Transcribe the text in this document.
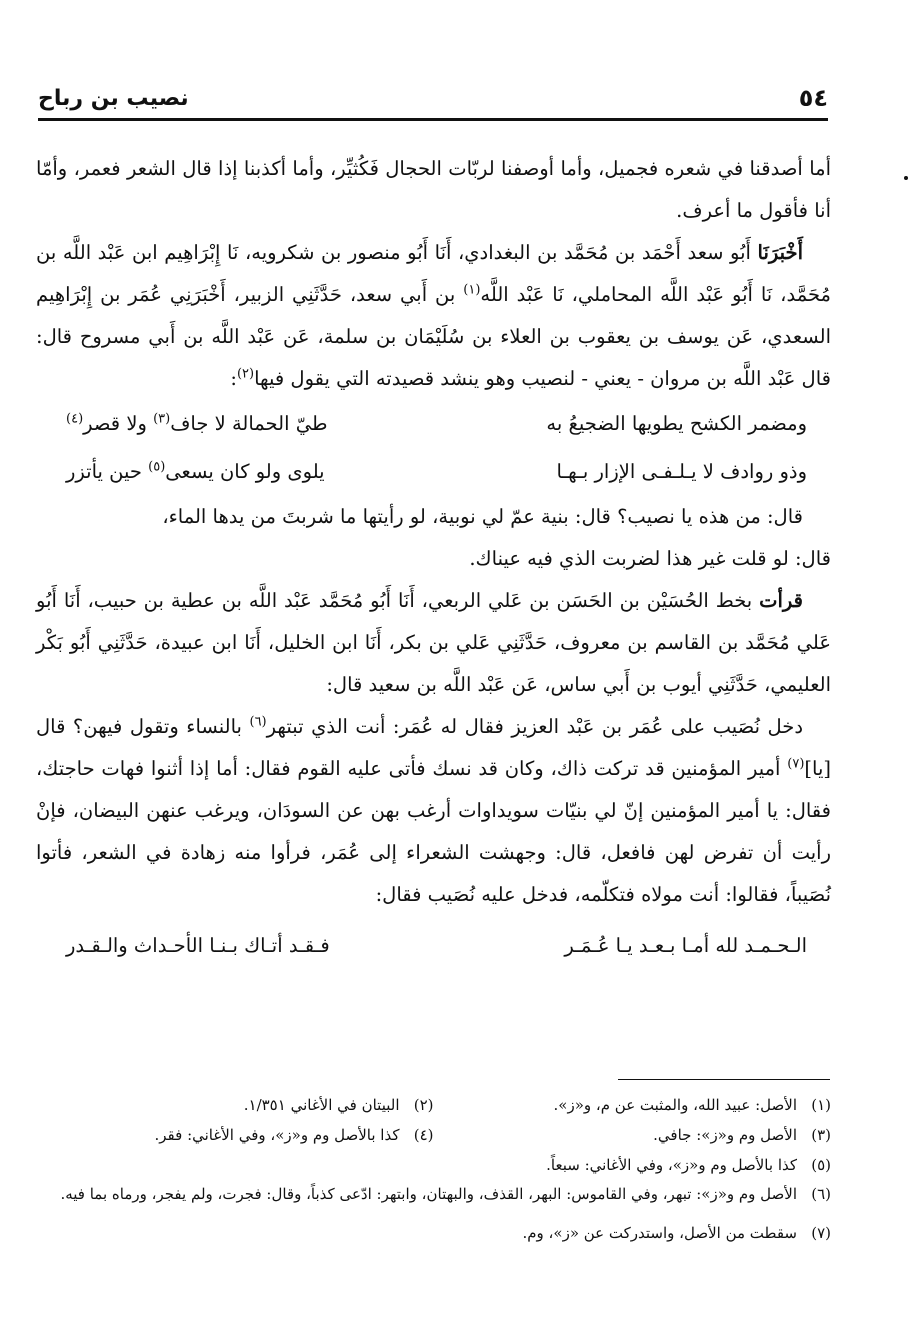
٥٤
نصيب بن رباح

أما أصدقنا في شعره فجميل، وأما أوصفنا لربّات الحجال فَكُثيِّر، وأما أكذبنا إذا قال الشعر فعمر، وأمّا أنا فأقول ما أعرف.

أَخْبَرَنَا أَبُو سعد أَحْمَد بن مُحَمَّد بن البغدادي، أَنَا أَبُو منصور بن شكرويه، نَا إِبْرَاهِيم ابن عَبْد اللَّه بن مُحَمَّد، نَا أَبُو عَبْد اللَّه المحاملي، نَا عَبْد اللَّه$^{(١)}$ بن أَبي سعد، حَدَّثَنِي الزبير، أَخْبَرَنِي عُمَر بن إِبْرَاهِيم السعدي، عَن يوسف بن يعقوب بن العلاء بن سُلَيْمَان بن سلمة، عَن عَبْد اللَّه بن أَبي مسروح قال: قال عَبْد اللَّه بن مروان - يعني - لنصيب وهو ينشد قصيدته التي يقول فيها$^{(٢)}$:

ومضمر الكشح يطويها الضجيعُ به
طيّ الحمالة لا جاف$^{(٣)}$ ولا قصر$^{(٤)}$
وذو روادف لا يـلـفـى الإزار بـهـا
يلوى ولو كان يسعى$^{(٥)}$ حين يأتزر

قال: من هذه يا نصيب؟ قال: بنية عمّ لي نوبية، لو رأيتها ما شربتَ من يدها الماء،

قال: لو قلت غير هذا لضربت الذي فيه عيناك.

قرأت بخط الحُسَيْن بن الحَسَن بن عَلي الربعي، أَنَا أَبُو مُحَمَّد عَبْد اللَّه بن عطية بن حبيب، أَنَا أَبُو عَلي مُحَمَّد بن القاسم بن معروف، حَدَّثَنِي عَلي بن بكر، أَنَا ابن الخليل، أَنَا ابن عبيدة، حَدَّثَنِي أَبُو بَكْر العليمي، حَدَّثَنِي أيوب بن أَبي ساس، عَن عَبْد اللَّه بن سعيد قال:

دخل نُصَيب على عُمَر بن عَبْد العزيز فقال له عُمَر: أنت الذي تبتهر$^{(٦)}$ بالنساء وتقول فيهن؟ قال [يا]$^{(٧)}$ أمير المؤمنين قد تركت ذاك، وكان قد نسك فأتى عليه القوم فقال: أما إذا أثنوا فهات حاجتك، فقال: يا أمير المؤمنين إنّ لي بنيّات سويداوات أرغب بهن عن السودَان، ويرغب عنهن البيضان، فإنْ رأيت أن تفرض لهن فافعل، قال: وجهشت الشعراء إلى عُمَر، فرأوا منه زهادة في الشعر، فأتوا نُصَيباً، فقالوا: أنت مولاه فتكلّمه، فدخل عليه نُصَيب فقال:

الـحـمـد لله أمـا بـعـد يـا عُـمَـر
فـقـد أتـاك بـنـا الأحـداث والـقـدر
(١)الأصل: عبيد الله، والمثبت عن م، و«ز».
(٢)البيتان في الأغاني ١/٣٥١.
(٣)الأصل وم و«ز»: جافي.
(٤)كذا بالأصل وم و«ز»، وفي الأغاني: فقر.
(٥)كذا بالأصل وم و«ز»، وفي الأغاني: سبعاً.
(٦)الأصل وم و«ز»: تبهر، وفي القاموس: البهر، القذف، والبهتان، وابتهر: ادّعى كذباً، وقال: فجرت، ولم يفجر، ورماه بما فيه.
(٧)سقطت من الأصل، واستدركت عن «ز»، وم.
